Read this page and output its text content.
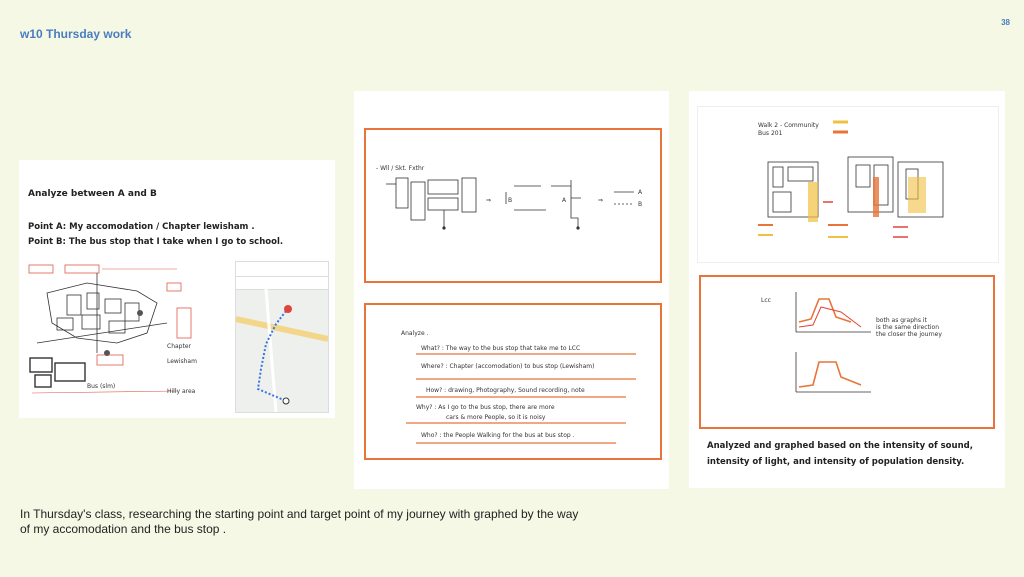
w10 Thursday work
38
Analyze between A and B
Point A: My accomodation / Chapter lewisham .
Point B: The bus stop that I take when I go to school.
Bus (slm)
Chapter
Lewisham
Hilly area
- Wll / Skt. Fxthr
⇒	B	A	⇒
A
B
Analyze .
What? : The way to the bus stop that take me to LCC
Where? : Chapter (accomodation) to bus stop (Lewisham)
How? : drawing, Photography, Sound recording, note
Why? : As I go to the bus stop, there are more
cars & more People, so it is noisy
Who? : the People Walking for the bus at bus stop .
Walk 2 - Community
Bus 201
Lcc
both as graphs it
is the same direction
the closer the journey
Analyzed and graphed based on the intensity of sound,
intensity of light, and intensity of population density.
In Thursday's class, researching the starting point and target point of my journey with graphed by the way
of my accomodation and the bus stop .
